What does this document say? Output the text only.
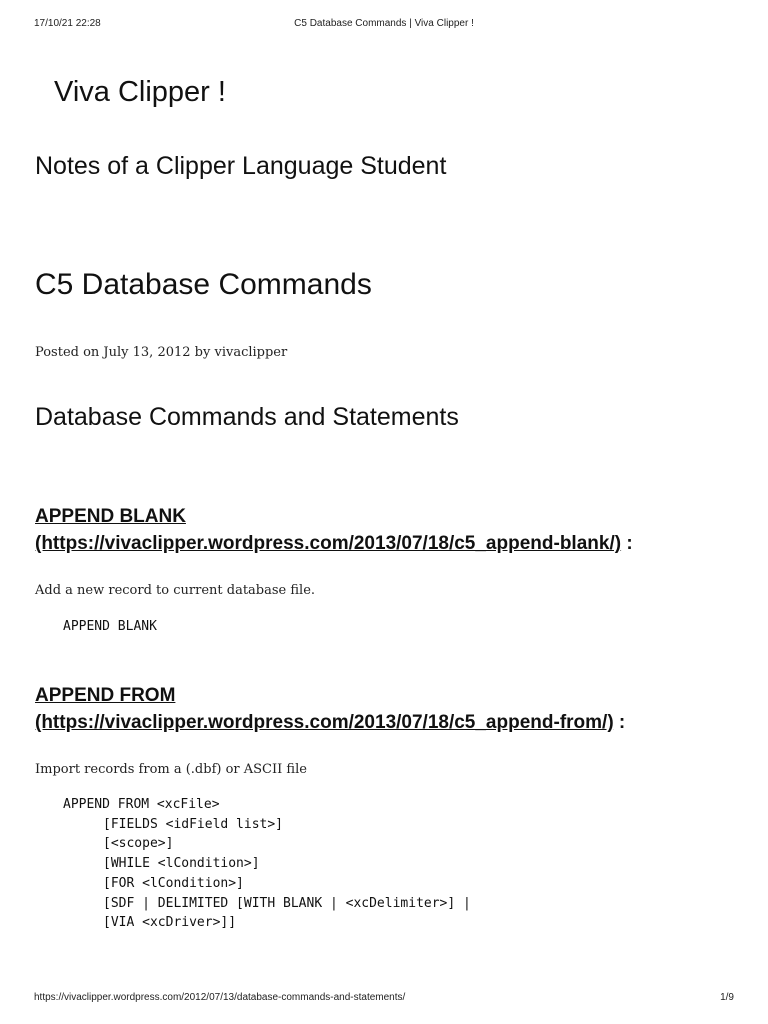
17/10/21 22:28	C5 Database Commands | Viva Clipper !
Viva Clipper !
Notes of a Clipper Language Student
C5 Database Commands
Posted on July 13, 2012 by vivaclipper
Database Commands and Statements
APPEND BLANK
(https://vivaclipper.wordpress.com/2013/07/18/c5_append-blank/) :
Add a new record to current database file.
APPEND BLANK
APPEND FROM
(https://vivaclipper.wordpress.com/2013/07/18/c5_append-from/) :
Import records from a (.dbf) or ASCII file
APPEND FROM <xcFile>
[FIELDS <idField list>]
[<scope>]
[WHILE <lCondition>]
[FOR <lCondition>]
[SDF | DELIMITED [WITH BLANK | <xcDelimiter>] |
[VIA <xcDriver>]]
https://vivaclipper.wordpress.com/2012/07/13/database-commands-and-statements/	1/9
